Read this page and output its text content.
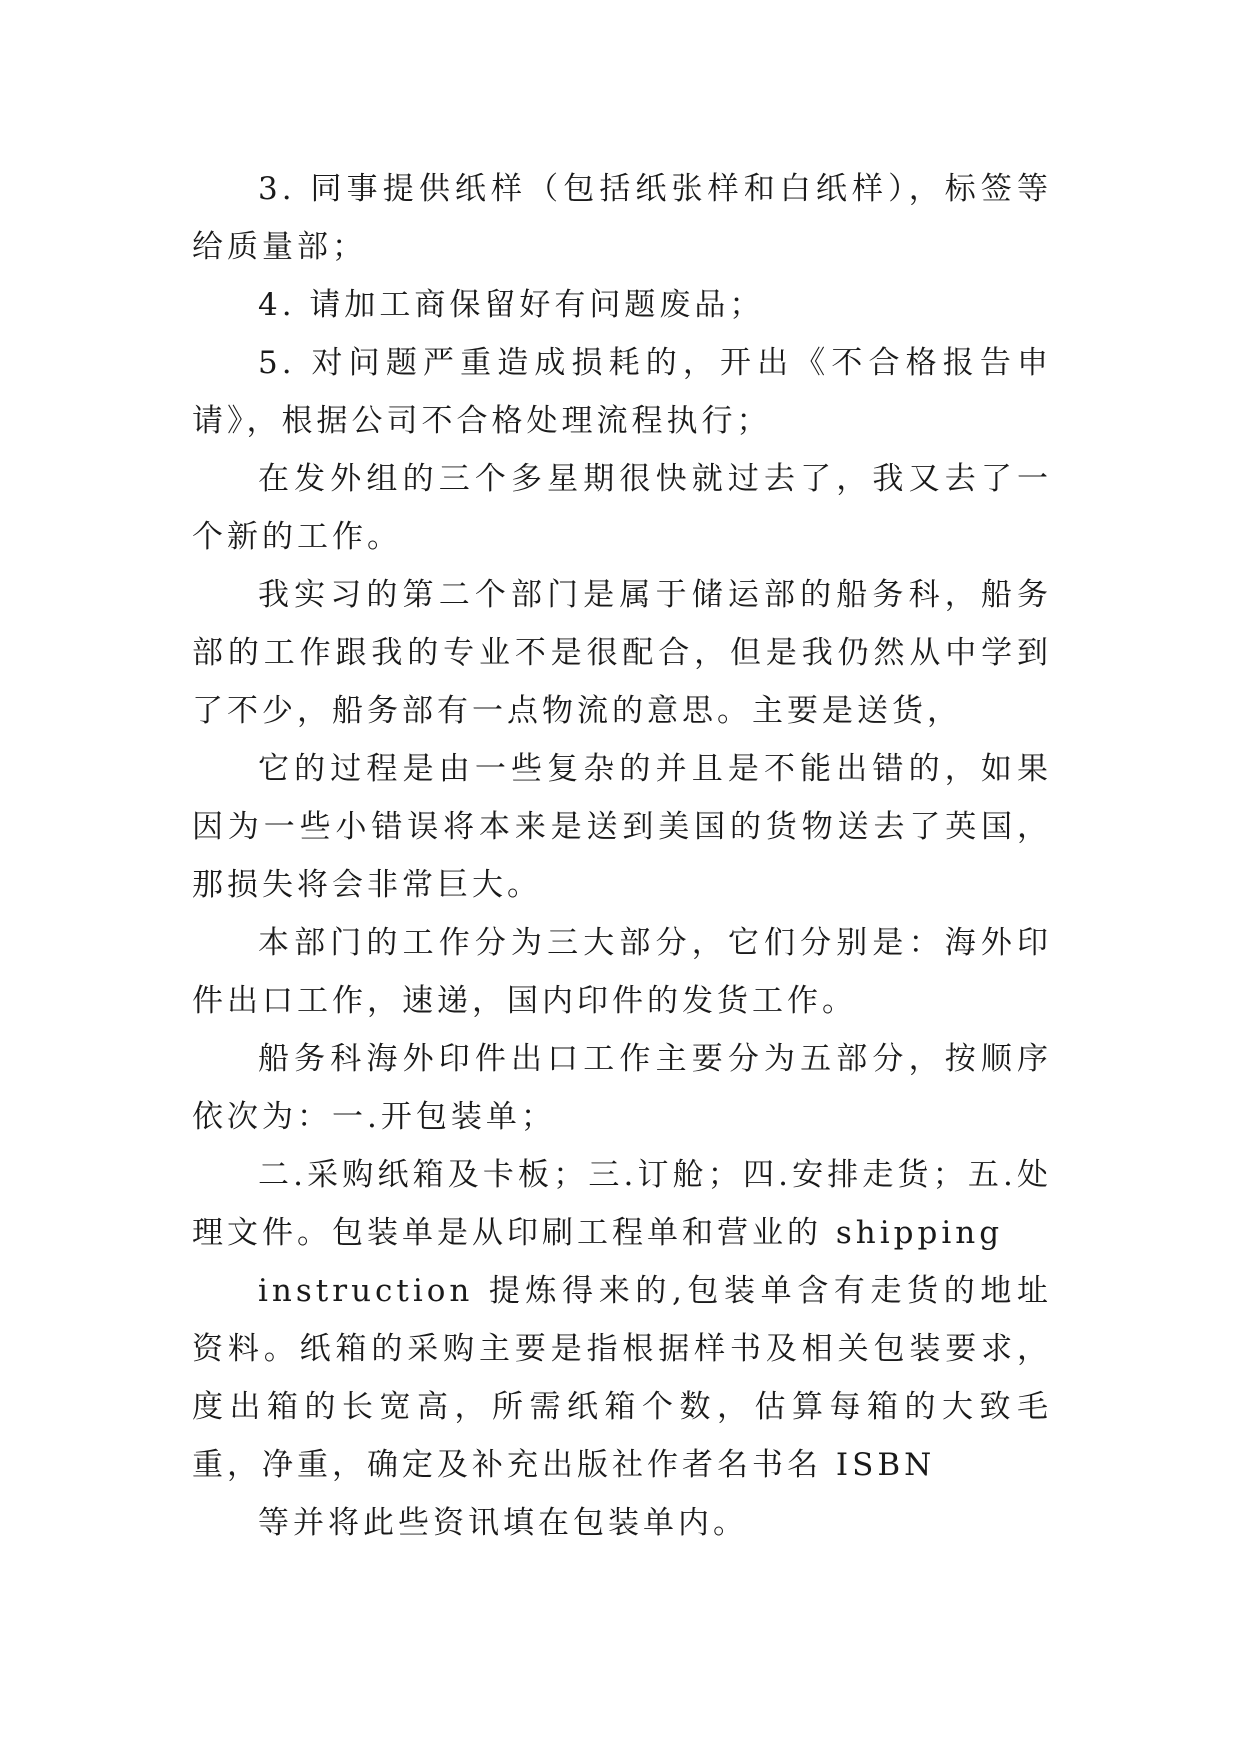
3. 同事提供纸样（包括纸张样和白纸样），标签等给质量部；

4. 请加工商保留好有问题废品；

5. 对问题严重造成损耗的，开出《不合格报告申请》，根据公司不合格处理流程执行；

在发外组的三个多星期很快就过去了，我又去了一个新的工作。

我实习的第二个部门是属于储运部的船务科，船务部的工作跟我的专业不是很配合，但是我仍然从中学到了不少，船务部有一点物流的意思。主要是送货，

它的过程是由一些复杂的并且是不能出错的，如果因为一些小错误将本来是送到美国的货物送去了英国，那损失将会非常巨大。

本部门的工作分为三大部分，它们分别是：海外印件出口工作，速递，国内印件的发货工作。

船务科海外印件出口工作主要分为五部分，按顺序依次为：一.开包装单；

二.采购纸箱及卡板；三.订舱；四.安排走货；五.处理文件。包装单是从印刷工程单和营业的 shipping

instruction 提炼得来的,包装单含有走货的地址资料。纸箱的采购主要是指根据样书及相关包装要求，度出箱的长宽高，所需纸箱个数，估算每箱的大致毛重，净重，确定及补充出版社作者名书名 ISBN

等并将此些资讯填在包装单内。
